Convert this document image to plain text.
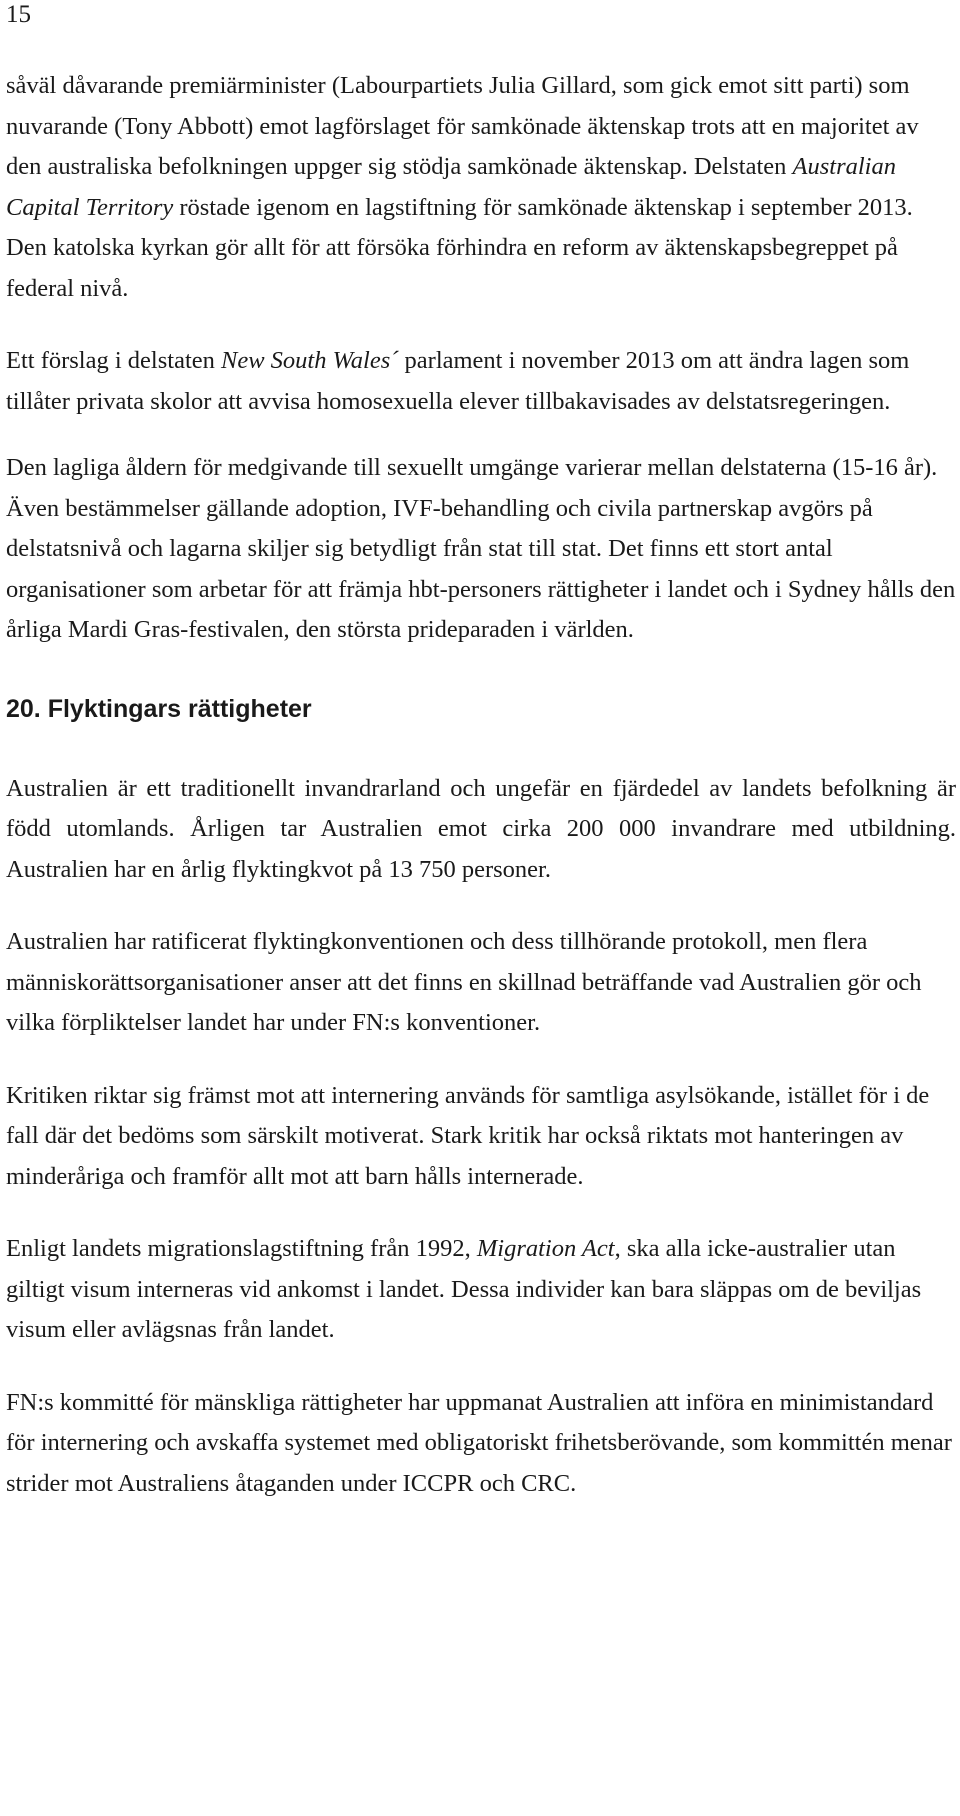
15

såväl dåvarande premiärminister (Labourpartiets Julia Gillard, som gick emot sitt parti) som nuvarande (Tony Abbott) emot lagförslaget för samkönade äktenskap trots att en majoritet av den australiska befolkningen uppger sig stödja samkönade äktenskap. Delstaten Australian Capital Territory röstade igenom en lagstiftning för samkönade äktenskap i september 2013. Den katolska kyrkan gör allt för att försöka förhindra en reform av äktenskapsbegreppet på federal nivå.

Ett förslag i delstaten New South Wales´ parlament i november 2013 om att ändra lagen som tillåter privata skolor att avvisa homosexuella elever tillbakavisades av delstatsregeringen.

Den lagliga åldern för medgivande till sexuellt umgänge varierar mellan delstaterna (15-16 år). Även bestämmelser gällande adoption, IVF-behandling och civila partnerskap avgörs på delstatsnivå och lagarna skiljer sig betydligt från stat till stat. Det finns ett stort antal organisationer som arbetar för att främja hbt-personers rättigheter i landet och i Sydney hålls den årliga Mardi Gras-festivalen, den största prideparaden i världen.

20. Flyktingars rättigheter

Australien är ett traditionellt invandrarland och ungefär en fjärdedel av landets befolkning är född utomlands. Årligen tar Australien emot cirka 200 000 invandrare med utbildning. Australien har en årlig flyktingkvot på 13 750 personer.

Australien har ratificerat flyktingkonventionen och dess tillhörande protokoll, men flera människorättsorganisationer anser att det finns en skillnad beträffande vad Australien gör och vilka förpliktelser landet har under FN:s konventioner.

Kritiken riktar sig främst mot att internering används för samtliga asylsökande, istället för i de fall där det bedöms som särskilt motiverat. Stark kritik har också riktats mot hanteringen av minderåriga och framför allt mot att barn hålls internerade.

Enligt landets migrationslagstiftning från 1992, Migration Act, ska alla icke-australier utan giltigt visum interneras vid ankomst i landet. Dessa individer kan bara släppas om de beviljas visum eller avlägsnas från landet.

FN:s kommitté för mänskliga rättigheter har uppmanat Australien att införa en minimistandard för internering och avskaffa systemet med obligatoriskt frihetsberövande, som kommittén menar strider mot Australiens åtaganden under ICCPR och CRC.
